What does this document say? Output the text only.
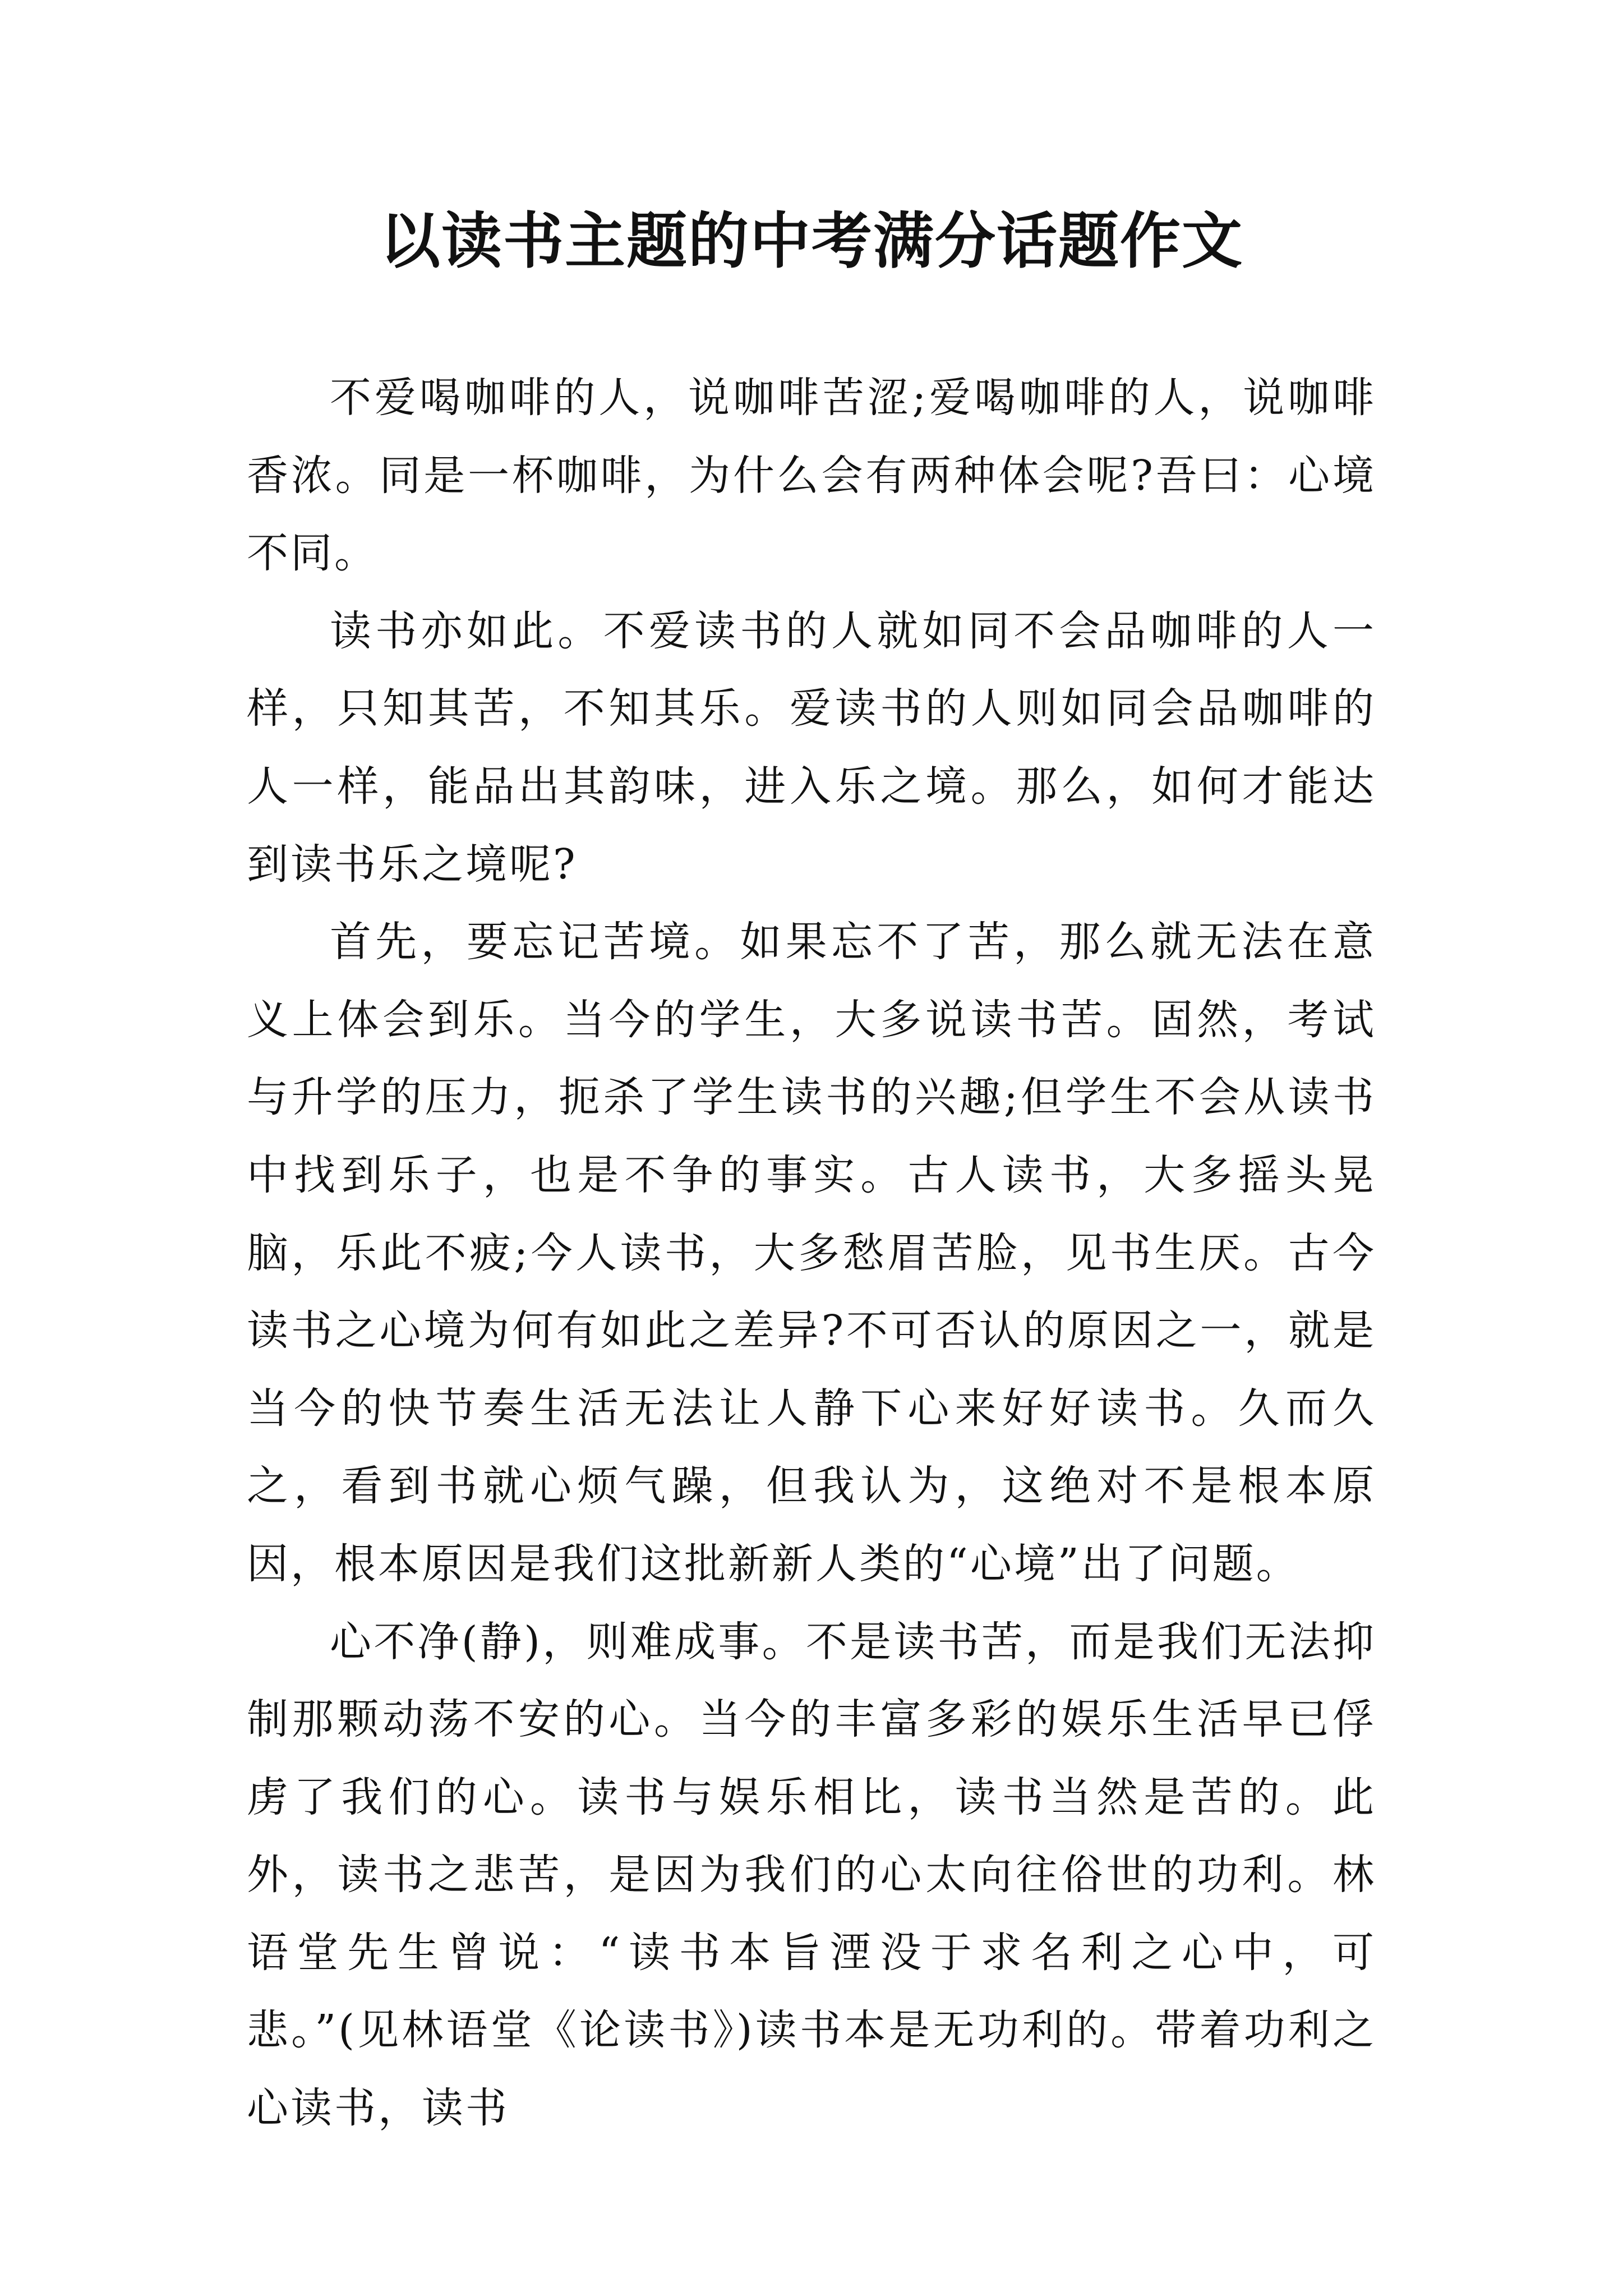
以读书主题的中考满分话题作文

不爱喝咖啡的人，说咖啡苦涩;爱喝咖啡的人，说咖啡香浓。同是一杯咖啡，为什么会有两种体会呢?吾曰：心境不同。

读书亦如此。不爱读书的人就如同不会品咖啡的人一样，只知其苦，不知其乐。爱读书的人则如同会品咖啡的人一样，能品出其韵味，进入乐之境。那么，如何才能达到读书乐之境呢?

首先，要忘记苦境。如果忘不了苦，那么就无法在意义上体会到乐。当今的学生，大多说读书苦。固然，考试与升学的压力，扼杀了学生读书的兴趣;但学生不会从读书中找到乐子，也是不争的事实。古人读书，大多摇头晃脑，乐此不疲;今人读书，大多愁眉苦脸，见书生厌。古今读书之心境为何有如此之差异?不可否认的原因之一，就是当今的快节奏生活无法让人静下心来好好读书。久而久之，看到书就心烦气躁，但我认为，这绝对不是根本原因，根本原因是我们这批新新人类的“心境”出了问题。

心不净(静)，则难成事。不是读书苦，而是我们无法抑制那颗动荡不安的心。当今的丰富多彩的娱乐生活早已俘虏了我们的心。读书与娱乐相比，读书当然是苦的。此外，读书之悲苦，是因为我们的心太向往俗世的功利。林语堂先生曾说：“读书本旨湮没于求名利之心中，可悲。”(见林语堂《论读书》)读书本是无功利的。带着功利之心读书，读书
